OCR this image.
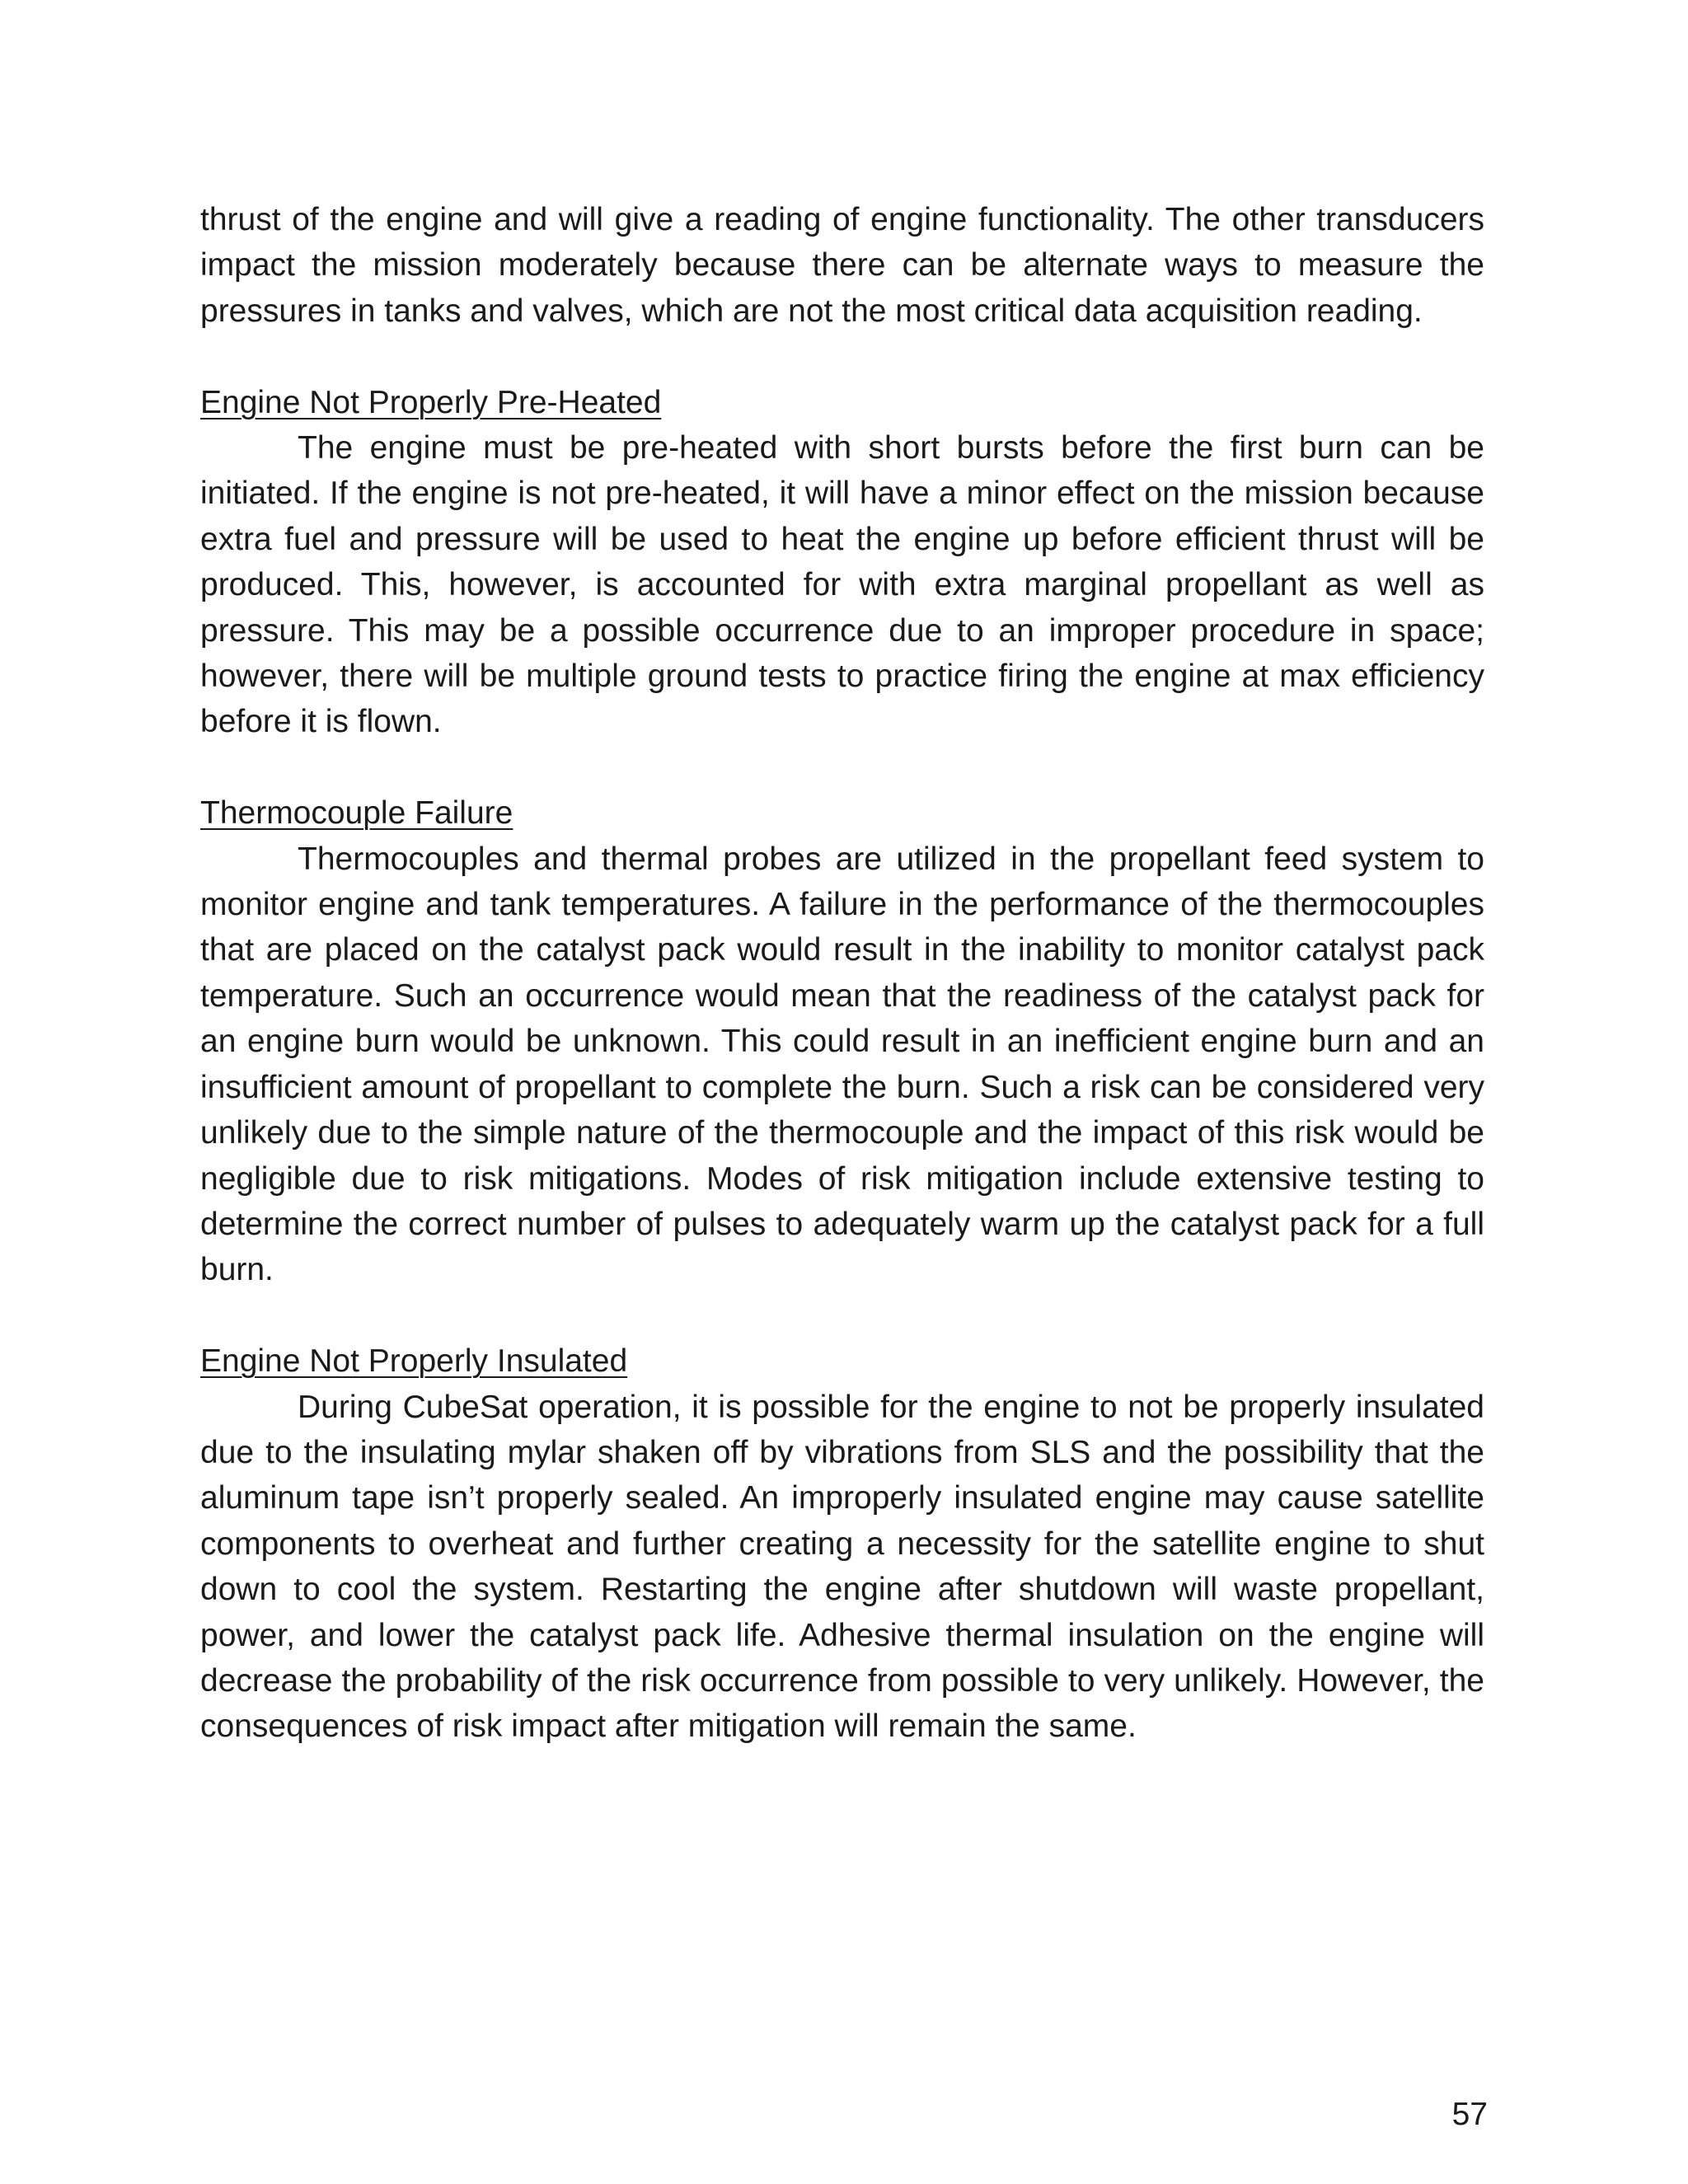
thrust of the engine and will give a reading of engine functionality. The other transducers impact the mission moderately because there can be alternate ways to measure the pressures in tanks and valves, which are not the most critical data acquisition reading.

Engine Not Properly Pre-Heated

The engine must be pre-heated with short bursts before the first burn can be initiated. If the engine is not pre-heated, it will have a minor effect on the mission because extra fuel and pressure will be used to heat the engine up before efficient thrust will be produced. This, however, is accounted for with extra marginal propellant as well as pressure. This may be a possible occurrence due to an improper procedure in space; however, there will be multiple ground tests to practice firing the engine at max efficiency before it is flown.

Thermocouple Failure

Thermocouples and thermal probes are utilized in the propellant feed system to monitor engine and tank temperatures. A failure in the performance of the thermocouples that are placed on the catalyst pack would result in the inability to monitor catalyst pack temperature. Such an occurrence would mean that the readiness of the catalyst pack for an engine burn would be unknown. This could result in an inefficient engine burn and an insufficient amount of propellant to complete the burn. Such a risk can be considered very unlikely due to the simple nature of the thermocouple and the impact of this risk would be negligible due to risk mitigations. Modes of risk mitigation include extensive testing to determine the correct number of pulses to adequately warm up the catalyst pack for a full burn.

Engine Not Properly Insulated

During CubeSat operation, it is possible for the engine to not be properly insulated due to the insulating mylar shaken off by vibrations from SLS and the possibility that the aluminum tape isn’t properly sealed. An improperly insulated engine may cause satellite components to overheat and further creating a necessity for the satellite engine to shut down to cool the system. Restarting the engine after shutdown will waste propellant, power, and lower the catalyst pack life. Adhesive thermal insulation on the engine will decrease the probability of the risk occurrence from possible to very unlikely. However, the consequences of risk impact after mitigation will remain the same.

57
